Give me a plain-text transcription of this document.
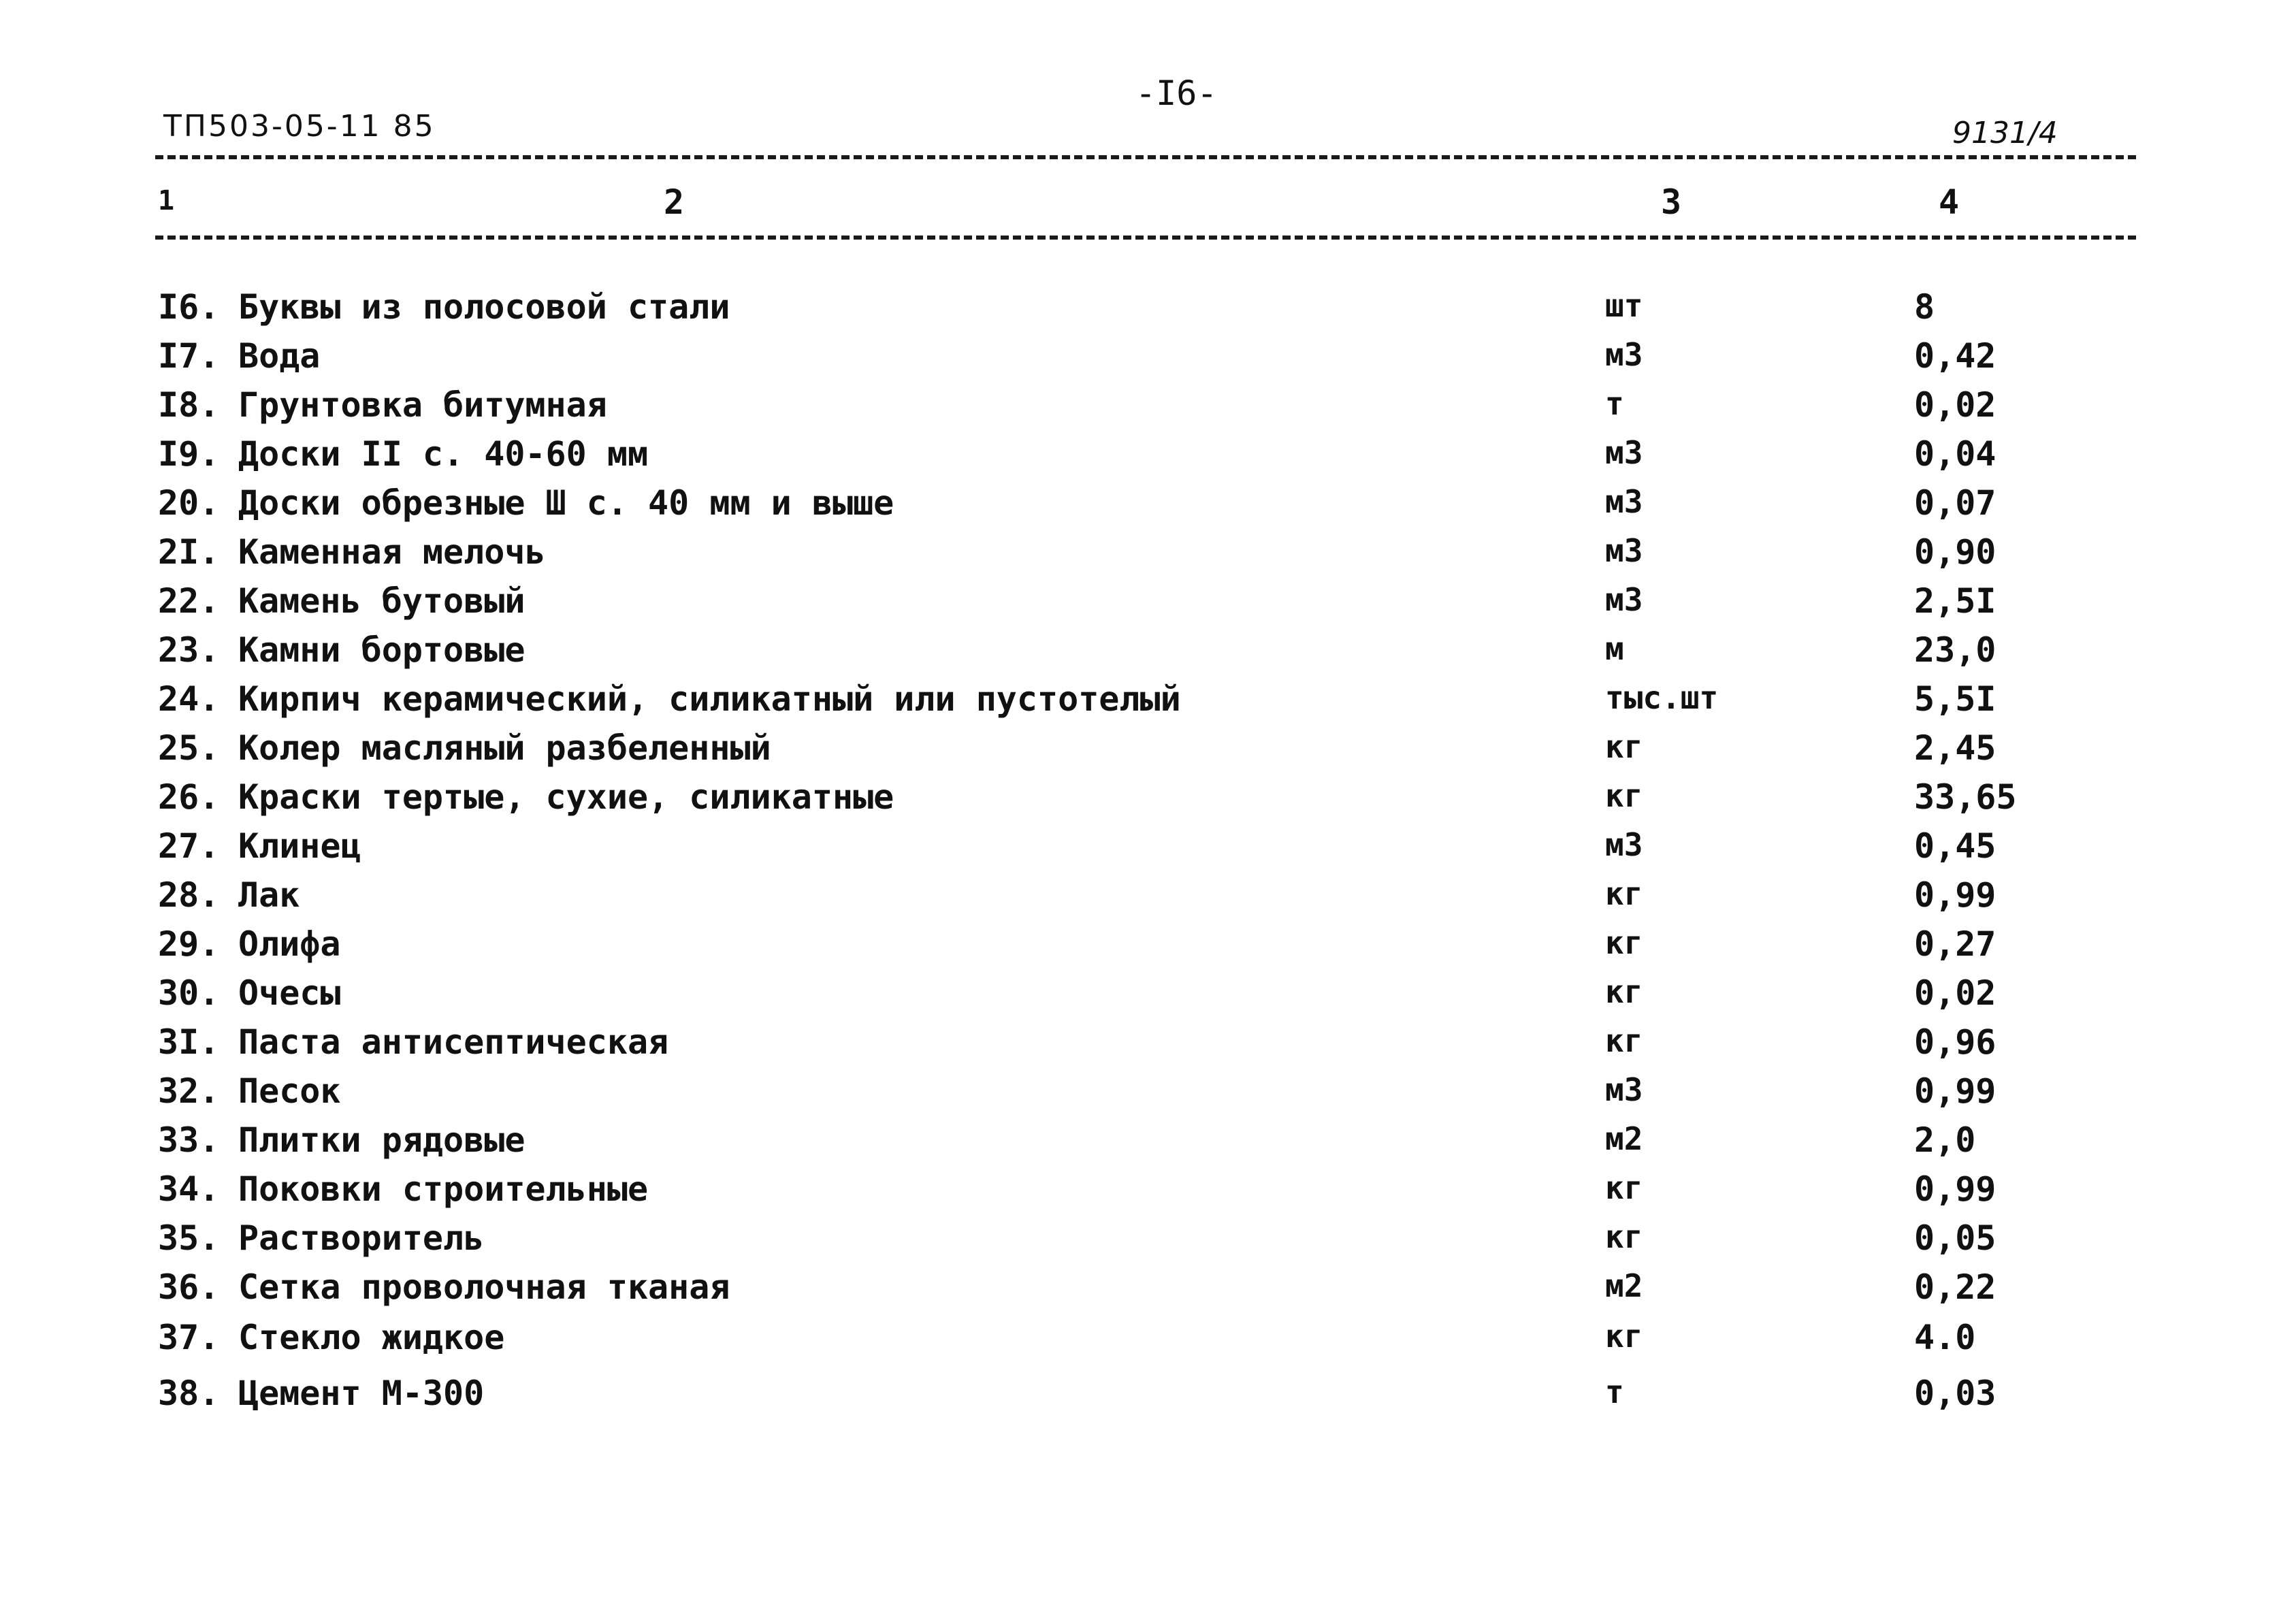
-I6-
ТП503-05-11 85	9131/4
1	2	3	4
I6. Буквы из полосовой стали	шт	8
I7. Вода	м3	0,42
I8. Грунтовка битумная	т	0,02
I9. Доски II с. 40-60 мм	м3	0,04
20. Доски обрезные Ш с. 40 мм и выше	м3	0,07
2I. Каменная мелочь	м3	0,90
22. Камень бутовый	м3	2,5I
23. Камни бортовые	м	23,0
24. Кирпич керамический, силикатный или пустотелый	тыс.шт	5,5I
25. Колер масляный разбеленный	кг	2,45
26. Краски тертые, сухие, силикатные	кг	33,65
27. Клинец	м3	0,45
28. Лак	кг	0,99
29. Олифа	кг	0,27
30. Очесы	кг	0,02
3I. Паста антисептическая	кг	0,96
32. Песок	м3	0,99
33. Плитки рядовые	м2	2,0
34. Поковки строительные	кг	0,99
35. Растворитель	кг	0,05
36. Сетка проволочная тканая	м2	0,22
37. Стекло жидкое	кг	4.0
38. Цемент М-300	т	0,03
